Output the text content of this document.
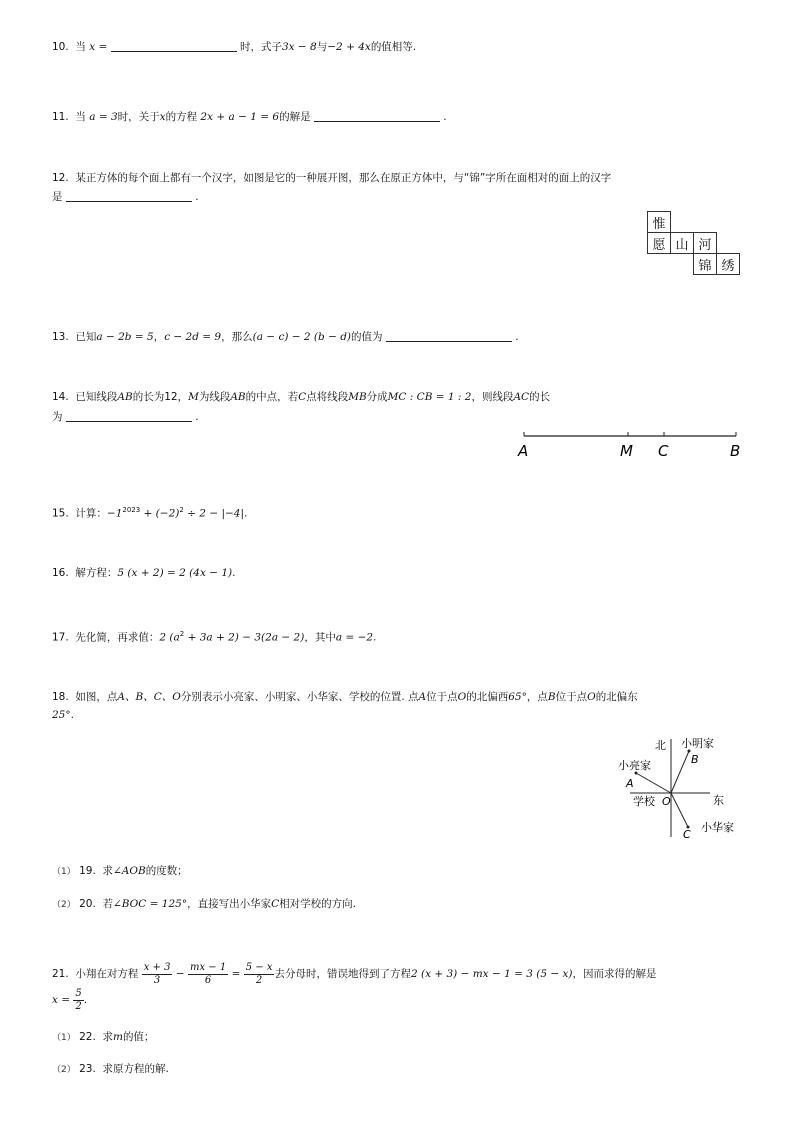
10. 当 x =	时，式子3x − 8与−2 + 4x的值相等.
11. 当 a = 3时，关于x的方程 2x + a − 1 = 6的解是	.
12. 某正方体的每个面上都有一个汉字，如图是它的一种展开图，那么在原正方体中，与“锦”字所在面相对的面上的汉字
是	.
惟			
愿	山	河	
		锦	绣
13. 已知a − 2b = 5，c − 2d = 9，那么(a − c) − 2 (b − d)的值为	.
14. 已知线段AB的长为12，M为线段AB的中点，若C点将线段MB分成MC : CB = 1 : 2，则线段AC的长
为	.
A	M C	B
15. 计算：$-1^{2023} + (-2)^2 \div 2 - |-4|$.
16. 解方程：5 (x + 2) = 2 (4x − 1).
17. 先化简，再求值：2 $(a^2 + 3a + 2) - 3(2a - 2)$，其中a = −2.
18. 如图，点A、B、C、O分别表示小亮家、小明家、小华家、学校的位置. 点A位于点O的北偏西65°，点B位于点O的北偏东
25°.
北
东
学校 O
小明家
小亮家
小华家
A
B
C
（1） 19. 求∠AOB的度数；
（2） 20. 若∠BOC = 125°，直接写出小华家C相对学校的方向.
21. 小翔在对方程 $\frac{x + 3}{3} - \frac{mx - 1}{6} = \frac{5 - x}{2}$ 去分母时，错误地得到了方程2 (x + 3) − mx − 1 = 3 (5 − x)，因而求得的解是
$x = \frac{5}{2}$ .
（1） 22. 求m的值；
（2） 23. 求原方程的解.
